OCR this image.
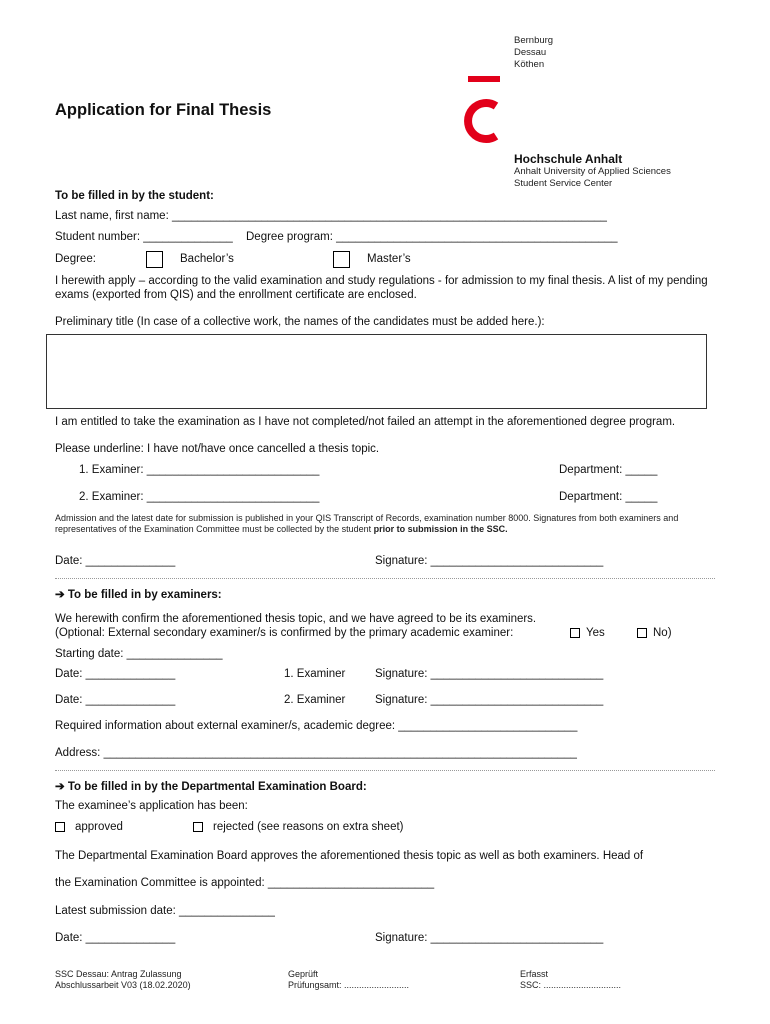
Bernburg
Dessau
Köthen
Application for Final Thesis
Hochschule Anhalt
Anhalt University of Applied Sciences
Student Service Center
To be filled in by the student:
Last name, first name: ____________________________________________________________________
Student number: ______________ Degree program: ____________________________________________
Degree:	Bachelor’s	Master’s
I herewith apply – according to the valid examination and study regulations - for admission to my final thesis. A list of my pending exams (exported from QIS) and the enrollment certificate are enclosed.
Preliminary title (In case of a collective work, the names of the candidates must be added here.):
I am entitled to take the examination as I have not completed/not failed an attempt in the aforementioned degree program.
Please underline: I have not/have once cancelled a thesis topic.
1. Examiner: ___________________________	Department: _____
2. Examiner: ___________________________	Department: _____
Admission and the latest date for submission is published in your QIS Transcript of Records, examination number 8000. Signatures from both examiners and representatives of the Examination Committee must be collected by the student prior to submission in the SSC.
Date: ______________	Signature: ___________________________
➔ To be filled in by examiners:
We herewith confirm the aforementioned thesis topic, and we have agreed to be its examiners.
(Optional: External secondary examiner/s is confirmed by the primary academic examiner:	Yes	No)
Starting date: _______________
Date: ______________	1. Examiner	Signature: ___________________________
Date: ______________	2. Examiner	Signature: ___________________________
Required information about external examiner/s, academic degree: ____________________________
Address: __________________________________________________________________________
➔ To be filled in by the Departmental Examination Board:
The examinee’s application has been:
approved	rejected (see reasons on extra sheet)
The Departmental Examination Board approves the aforementioned thesis topic as well as both examiners. Head of
the Examination Committee is appointed: __________________________
Latest submission date: _______________
Date: ______________	Signature: ___________________________
SSC Dessau: Antrag Zulassung
Abschlussarbeit V03 (18.02.2020)
Geprüft
Prüfungsamt: ..........................
Erfasst
SSC: ...............................
